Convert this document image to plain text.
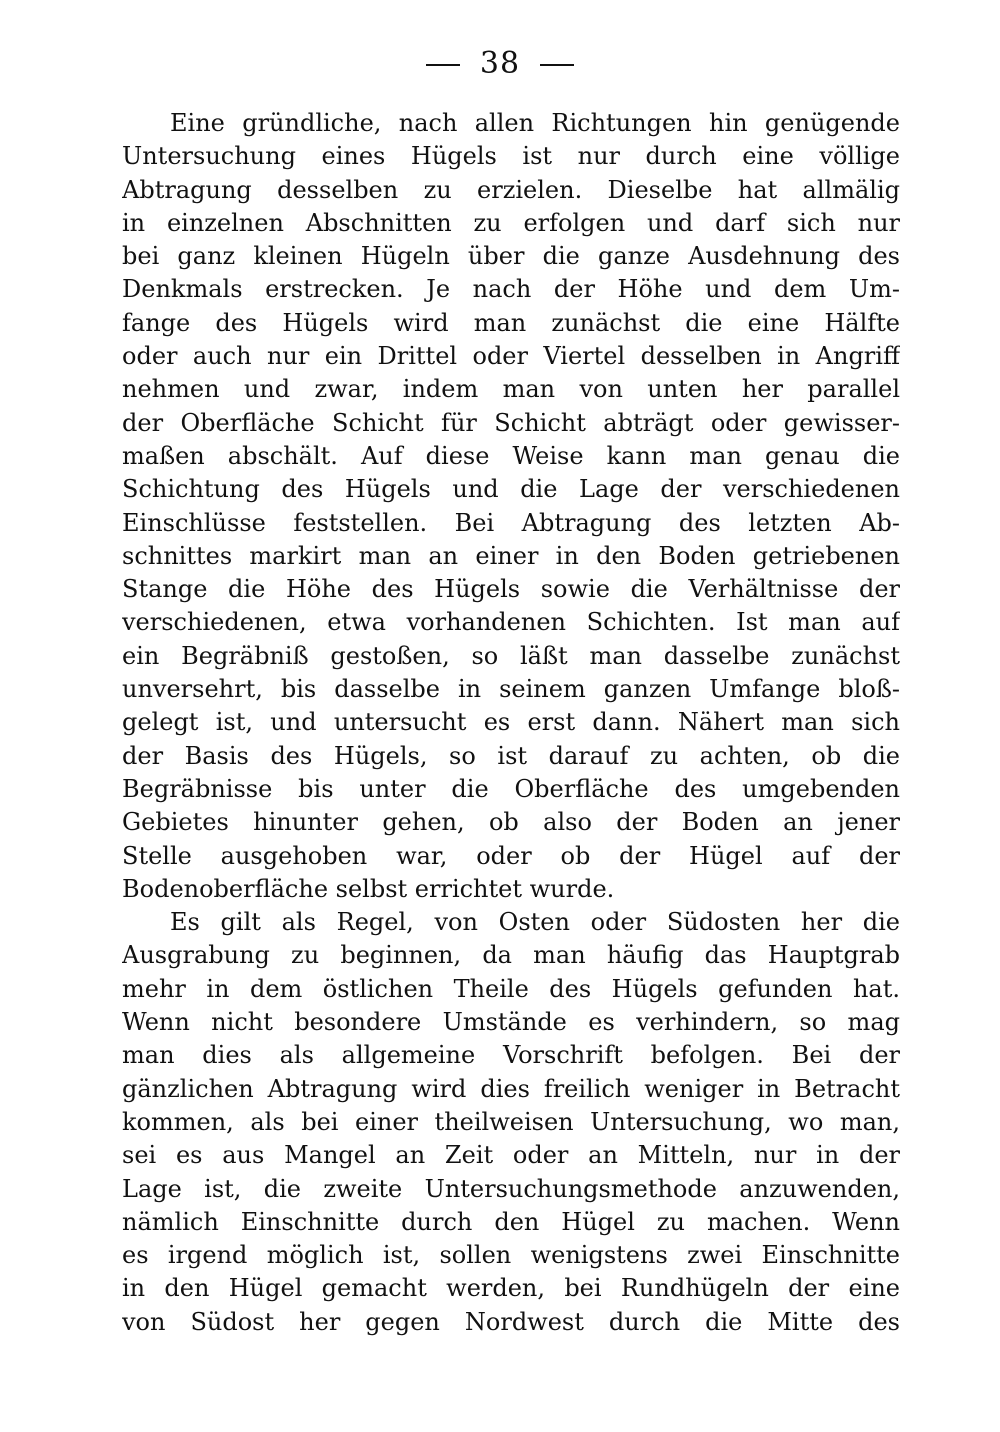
38
Eine gründliche, nach allen Richtungen hin genügende
Untersuchung eines Hügels ist nur durch eine völlige
Abtragung desselben zu erzielen. Dieselbe hat allmälig
in einzelnen Abschnitten zu erfolgen und darf sich nur
bei ganz kleinen Hügeln über die ganze Ausdehnung des
Denkmals erstrecken. Je nach der Höhe und dem Um-
fange des Hügels wird man zunächst die eine Hälfte
oder auch nur ein Drittel oder Viertel desselben in Angriff
nehmen und zwar, indem man von unten her parallel
der Oberfläche Schicht für Schicht abträgt oder gewisser-
maßen abschält. Auf diese Weise kann man genau die
Schichtung des Hügels und die Lage der verschiedenen
Einschlüsse feststellen. Bei Abtragung des letzten Ab-
schnittes markirt man an einer in den Boden getriebenen
Stange die Höhe des Hügels sowie die Verhältnisse der
verschiedenen, etwa vorhandenen Schichten. Ist man auf
ein Begräbniß gestoßen, so läßt man dasselbe zunächst
unversehrt, bis dasselbe in seinem ganzen Umfange bloß-
gelegt ist, und untersucht es erst dann. Nähert man sich
der Basis des Hügels, so ist darauf zu achten, ob die
Begräbnisse bis unter die Oberfläche des umgebenden
Gebietes hinunter gehen, ob also der Boden an jener
Stelle ausgehoben war, oder ob der Hügel auf der
Bodenoberfläche selbst errichtet wurde.
Es gilt als Regel, von Osten oder Südosten her die
Ausgrabung zu beginnen, da man häufig das Hauptgrab
mehr in dem östlichen Theile des Hügels gefunden hat.
Wenn nicht besondere Umstände es verhindern, so mag
man dies als allgemeine Vorschrift befolgen. Bei der
gänzlichen Abtragung wird dies freilich weniger in Betracht
kommen, als bei einer theilweisen Untersuchung, wo man,
sei es aus Mangel an Zeit oder an Mitteln, nur in der
Lage ist, die zweite Untersuchungsmethode anzuwenden,
nämlich Einschnitte durch den Hügel zu machen. Wenn
es irgend möglich ist, sollen wenigstens zwei Einschnitte
in den Hügel gemacht werden, bei Rundhügeln der eine
von Südost her gegen Nordwest durch die Mitte des
